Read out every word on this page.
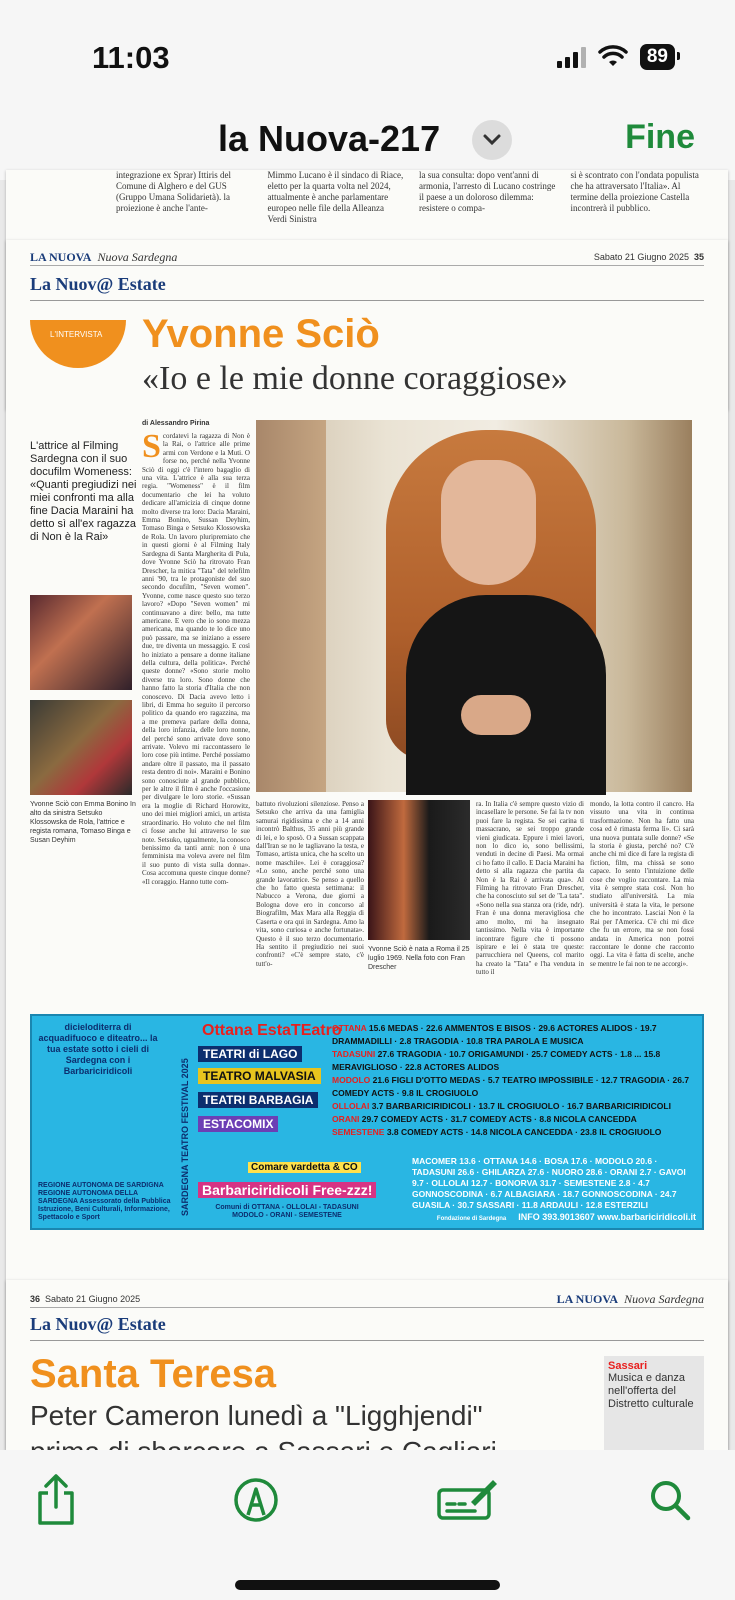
11:03	89
la Nuova-217	Fine
integrazione ex Sprar) Ittiris del Comune di Alghero e del GUS (Gruppo Umana Solidarietà). la proiezione è anche l'ante-
Mimmo Lucano è il sindaco di Riace, eletto per la quarta volta nel 2024, attualmente è anche parlamentare europeo nelle file della Alleanza Verdi Sinistra
la sua consulta: dopo vent'anni di armonia, l'arresto di Lucano costringe il paese a un doloroso dilemma: resistere o compa-
si è scontrato con l'ondata populista che ha attraversato l'Italia». Al termine della proiezione Castella incontrerà il pubblico.
LA NUOVA Nuova Sardegna	Sabato 21 Giugno 2025 35
La Nuov@ Estate
L'INTERVISTA Yvonne Sciò
«Io e le mie donne coraggiose»
L'attrice al Filming Sardegna con il suo docufilm Womeness: «Quanti pregiudizi nei miei confronti ma alla fine Dacia Maraini ha detto sì all'ex ragazza di Non è la Rai»
Yvonne Sciò con Emma Bonino In alto da sinistra Setsuko Klossowska de Rola, l'attrice e regista romana, Tomaso Binga e Susan Deyhim
di Alessandro Pirina
Scordatevi la ragazza di Non è la Rai, o l'attrice alle prime armi con Verdone e la Muti. O forse no, perché nella Yvonne Sciò di oggi c'è l'intero bagaglio di una vita. L'attrice è alla sua terza regia. "Womeness" è il film documentario che lei ha voluto dedicare all'amicizia di cinque donne molto diverse tra loro: Dacia Maraini, Emma Bonino, Sussan Deyhim, Tomaso Binga e Setsuko Klossowska de Rola. Un lavoro pluripremiato che in questi giorni è al Filming Italy Sardegna di Santa Margherita di Pula, dove Yvonne Sciò ha ritrovato Fran Drescher, la mitica "Tata" del telefilm anni '90, tra le protagoniste del suo secondo docufilm, "Seven women". Yvonne, come nasce questo suo terzo lavoro? «Dopo "Seven women" mi continuavano a dire: bello, ma tutte americane. E vero che io sono mezza americana, ma quando te lo dice uno può passare, ma se iniziano a essere due, tre diventa un messaggio. E così ho iniziato a pensare a donne italiane della cultura, della politica». Perché queste donne? «Sono storie molto diverse tra loro. Sono donne che hanno fatto la storia d'Italia che non conoscevo. Di Dacia avevo letto i libri, di Emma ho seguito il percorso politico da quando ero ragazzina, ma a me premeva parlare della donna, della loro infanzia, delle loro nonne, del perché sono arrivate dove sono arrivate. Volevo mi raccontassero le loro cose più intime. Perché possiamo andare oltre il passato, ma il passato resta dentro di noi». Maraini e Bonino sono conosciute al grande pubblico, per le altre il film è anche l'occasione per divulgare le loro storie. «Sussan era la moglie di Richard Horowitz, uno dei miei migliori amici, un artista straordinario. Ho voluto che nel film ci fosse anche lui attraverso le sue note. Setsuko, ugualmente, la conosco benissimo da tanti anni: non è una femminista ma voleva avere nel film il suo punto di vista sulla donna». Cosa accomuna queste cinque donne? «Il coraggio. Hanno tutte com-
battuto rivoluzioni silenziose. Penso a Setsuko che arriva da una famiglia samurai rigidissima e che a 14 anni incontrò Balthus, 35 anni più grande di lei, e lo sposò. O a Sussan scappata dall'Iran se no le tagliavano la testa, e Tomaso, artista unica, che ha scelto un nome maschile». Lei è coraggiosa? «Lo sono, anche perché sono una grande lavoratrice. Se penso a quello che ho fatto questa settimana: il Nabucco a Verona, due giorni a Bologna dove ero in concorso al Biografilm, Max Mara alla Reggia di Caserta e ora qui in Sardegna. Amo la vita, sono curiosa e anche fortunata». Questo è il suo terzo documentario. Ha sentito il pregiudizio nei suoi confronti? «C'è sempre stato, c'è tutt'o-
Yvonne Sciò è nata a Roma il 25 luglio 1969. Nella foto con Fran Drescher
ra. In Italia c'è sempre questo vizio di incasellare le persone. Se fai la tv non puoi fare la regista. Se sei carina ti massacrano, se sei troppo grande vieni giudicata. Eppure i miei lavori, non lo dico io, sono bellissimi, venduti in decine di Paesi. Ma ormai ci ho fatto il callo. E Dacia Maraini ha detto sì alla ragazza che partita da Non è la Rai è arrivata qua». Al Filming ha ritrovato Fran Drescher, che ha conosciuto sul set de "La tata". «Sono nella sua stanza ora (ride, ndr). Fran è una donna meravigliosa che amo molto, mi ha insegnato tantissimo. Nella vita è importante incontrare figure che ti possono ispirare e lei è stata tre queste: parrucchiera nel Queens, col marito ha creato la "Tata" e l'ha venduta in tutto il
mondo, la lotta contro il cancro. Ha vissuto una vita in continua trasformazione. Non ha fatto una cosa ed è rimasta ferma lì». Ci sarà una nuova puntata sulle donne? «Se la storia è giusta, perché no? C'è anche chi mi dice di fare la regista di fiction, film, ma chissà se sono capace. Io sento l'intuizione delle cose che voglio raccontare. La mia vita è sempre stata così. Non ho studiato all'università. La mia università è stata la vita, le persone che ho incontrato. Lasciai Non è la Rai per l'America. C'è chi mi dice che fu un errore, ma se non fossi andata in America non potrei raccontare le donne che racconto oggi. La vita è fatta di scelte, anche se mentre le fai non te ne accorgi».
dicieloditerra di acquadifuoco e diteatro... la tua estate sotto i cieli di Sardegna con i Barbariciridicoli
REGIONE AUTONOMA DE SARDIGNA REGIONE AUTONOMA DELLA SARDEGNA Assessorato della Pubblica Istruzione, Beni Culturali, Informazione, Spettacolo e Sport
SARDEGNA TEATRO FESTIVAL 2025
Ottana EstaTEatro
TEATRI di LAGO
TEATRO MALVASIA
TEATRI BARBAGIA
ESTACOMIX
OTTANA 15.6 MEDAS · 22.6 AMMENTOS E BISOS · 29.6 ACTORES ALIDOS · 19.7 DRAMMADILLI · 2.8 TRAGODIA · 10.8 TRA PAROLA E MUSICA
TADASUNI 27.6 TRAGODIA · 10.7 ORIGAMUNDI · 25.7 COMEDY ACTS · 1.8 ... 15.8 MERAVIGLIOSO · 22.8 ACTORES ALIDOS
MODOLO 21.6 FIGLI D'OTTO MEDAS · 5.7 TEATRO IMPOSSIBILE · 12.7 TRAGODIA · 26.7 COMEDY ACTS · 9.8 IL CROGIUOLO
OLLOLAI 3.7 BARBARICIRIDICOLI · 13.7 IL CROGIUOLO · 16.7 BARBARICIRIDICOLI
ORANI 29.7 COMEDY ACTS · 31.7 COMEDY ACTS · 8.8 NICOLA CANCEDDA
SEMESTENE 3.8 COMEDY ACTS · 14.8 NICOLA CANCEDDA · 23.8 IL CROGIUOLO
Comare vardetta & CO
MACOMER 13.6 · OTTANA 14.6 · BOSA 17.6 · MODOLO 20.6 · TADASUNI 26.6 · GHILARZA 27.6 · NUORO 28.6 · ORANI 2.7 · GAVOI 9.7 · OLLOLAI 12.7 · BONORVA 31.7 · SEMESTENE 2.8 · 4.7 GONNOSCODINA · 6.7 ALBAGIARA · 18.7 GONNOSCODINA · 24.7 GUASILA · 30.7 SASSARI · 11.8 ARDAULI · 12.8 ESTERZILI
Barbariciridicoli Free-zzz!
Comuni di OTTANA - OLLOLAI - TADASUNI MODOLO - ORANI - SEMESTENE	Fondazione di Sardegna INFO 393.9013607 www.barbariciridicoli.it
36 Sabato 21 Giugno 2025	LA NUOVA Nuova Sardegna
La Nuov@ Estate
Santa Teresa
Peter Cameron lunedì a "Ligghjendi"
Sassari
Musica e danza nell'offerta del Distretto culturale
